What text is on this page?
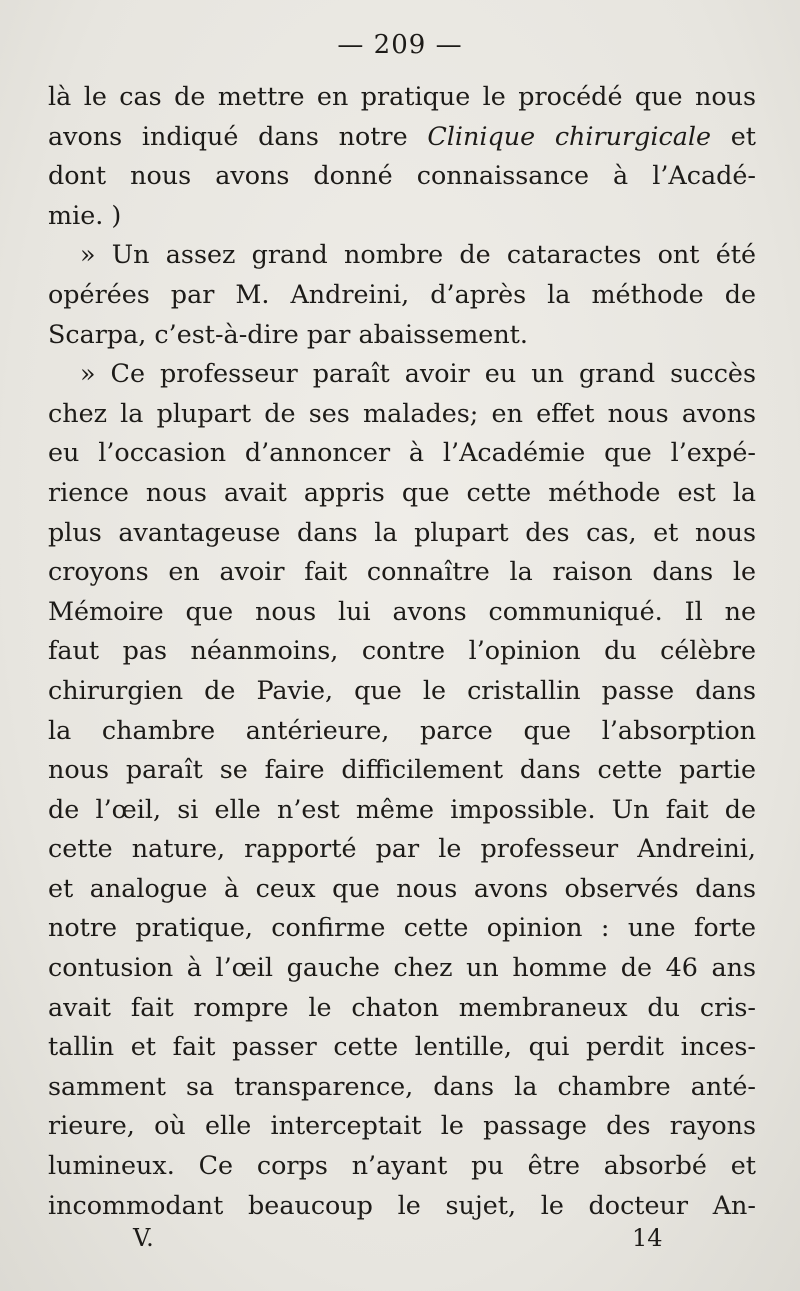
— 209 —
là le cas de mettre en pratique le procédé que nous
avons indiqué dans notre Clinique chirurgicale et
dont nous avons donné connaissance à l’Acadé-
mie. )
» Un assez grand nombre de cataractes ont été
opérées par M. Andreini, d’après la méthode de
Scarpa, c’est-à-dire par abaissement.
» Ce professeur paraît avoir eu un grand succès
chez la plupart de ses malades; en effet nous avons
eu l’occasion d’annoncer à l’Académie que l’expé-
rience nous avait appris que cette méthode est la
plus avantageuse dans la plupart des cas, et nous
croyons en avoir fait connaître la raison dans le
Mémoire que nous lui avons communiqué. Il ne
faut pas néanmoins, contre l’opinion du célèbre
chirurgien de Pavie, que le cristallin passe dans
la chambre antérieure, parce que l’absorption
nous paraît se faire difficilement dans cette partie
de l’œil, si elle n’est même impossible. Un fait de
cette nature, rapporté par le professeur Andreini,
et analogue à ceux que nous avons observés dans
notre pratique, confirme cette opinion : une forte
contusion à l’œil gauche chez un homme de 46 ans
avait fait rompre le chaton membraneux du cris-
tallin et fait passer cette lentille, qui perdit inces-
samment sa transparence, dans la chambre anté-
rieure, où elle interceptait le passage des rayons
lumineux. Ce corps n’ayant pu être absorbé et
incommodant beaucoup le sujet, le docteur An-
V.	14
